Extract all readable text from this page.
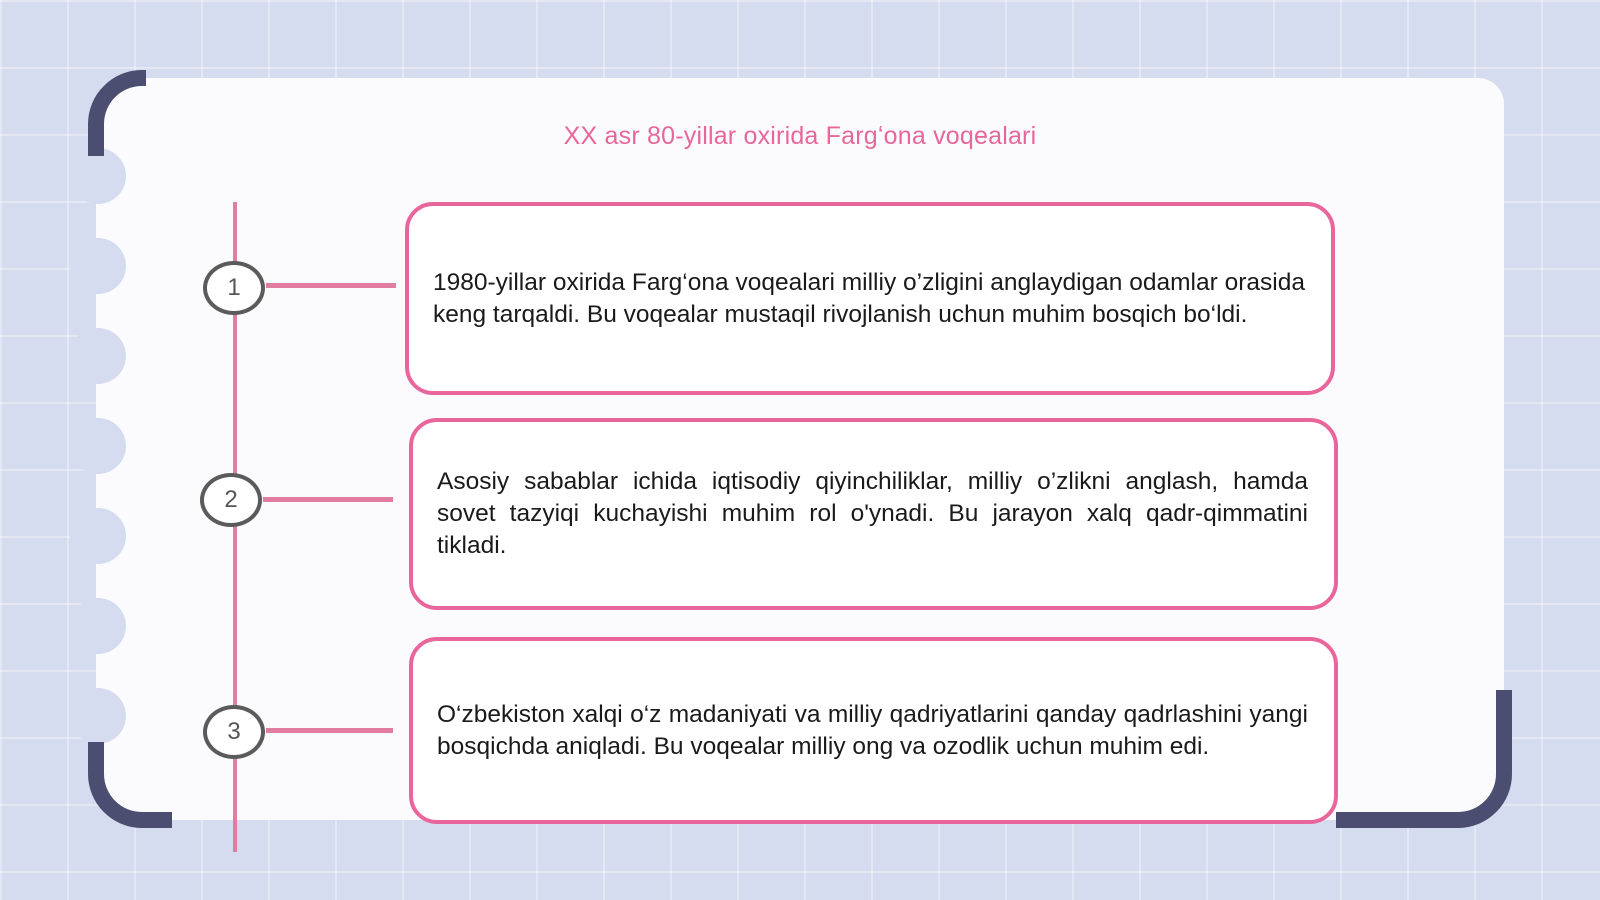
XX asr 80-yillar oxirida Fargʻona voqealari
1
2
3

1980-yillar oxirida Farg‘ona voqealari milliy o’zligini anglaydigan odamlar orasida keng tarqaldi. Bu voqealar mustaqil rivojlanish uchun muhim bosqich bo‘ldi.

Asosiy sabablar ichida iqtisodiy qiyinchiliklar, milliy o’zlikni anglash, hamda sovet tazyiqi kuchayishi muhim rol o'ynadi. Bu jarayon xalq qadr-qimmatini tikladi.

O‘zbekiston xalqi o‘z madaniyati va milliy qadriyatlarini qanday qadrlashini yangi bosqichda aniqladi. Bu voqealar milliy ong va ozodlik uchun muhim edi.
